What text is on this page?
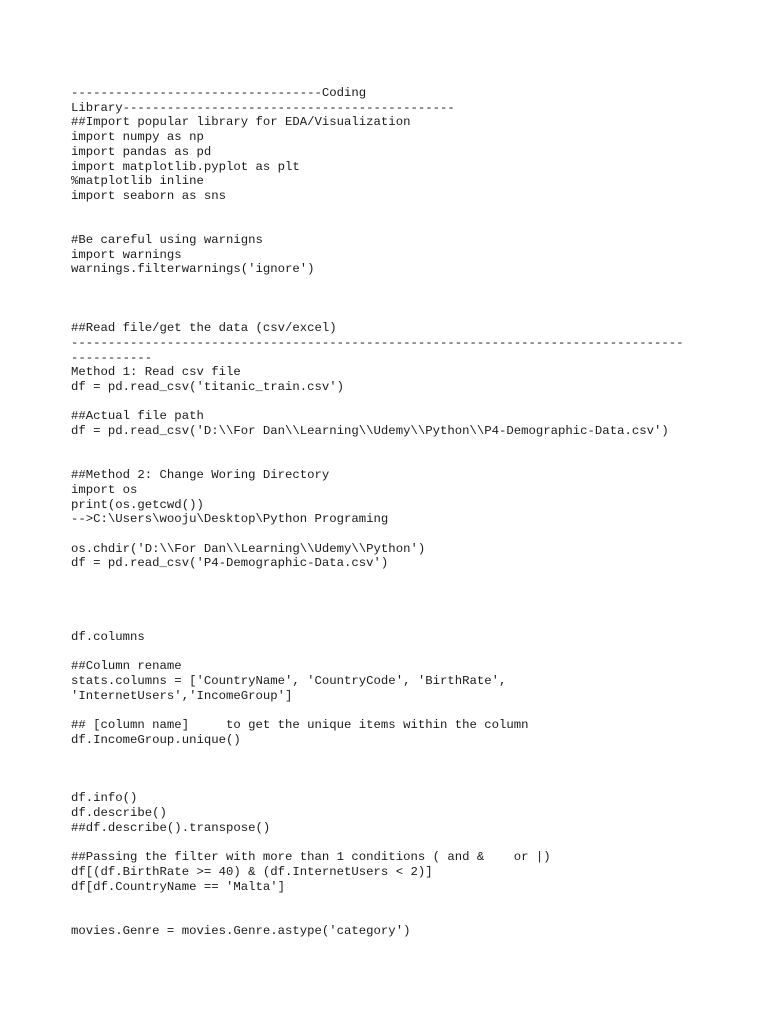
----------------------------------Coding
Library---------------------------------------------
##Import popular library for EDA/Visualization
import numpy as np
import pandas as pd
import matplotlib.pyplot as plt
%matplotlib inline
import seaborn as sns
#Be careful using warnigns
import warnings
warnings.filterwarnings('ignore')
##Read file/get the data (csv/excel)
-----------------------------------------------------------------------------------
-----------
Method 1: Read csv file
df = pd.read_csv('titanic_train.csv')
##Actual file path
df = pd.read_csv('D:\\For Dan\\Learning\\Udemy\\Python\\P4-Demographic-Data.csv')
##Method 2: Change Woring Directory
import os
print(os.getcwd())
-->C:\Users\wooju\Desktop\Python Programing
os.chdir('D:\\For Dan\\Learning\\Udemy\\Python')
df = pd.read_csv('P4-Demographic-Data.csv')
df.columns
##Column rename
stats.columns = ['CountryName', 'CountryCode', 'BirthRate',
'InternetUsers','IncomeGroup']
## [column name]     to get the unique items within the column
df.IncomeGroup.unique()
df.info()
df.describe()
##df.describe().transpose()
##Passing the filter with more than 1 conditions ( and &    or |)
df[(df.BirthRate >= 40) & (df.InternetUsers < 2)]
df[df.CountryName == 'Malta']
movies.Genre = movies.Genre.astype('category')
